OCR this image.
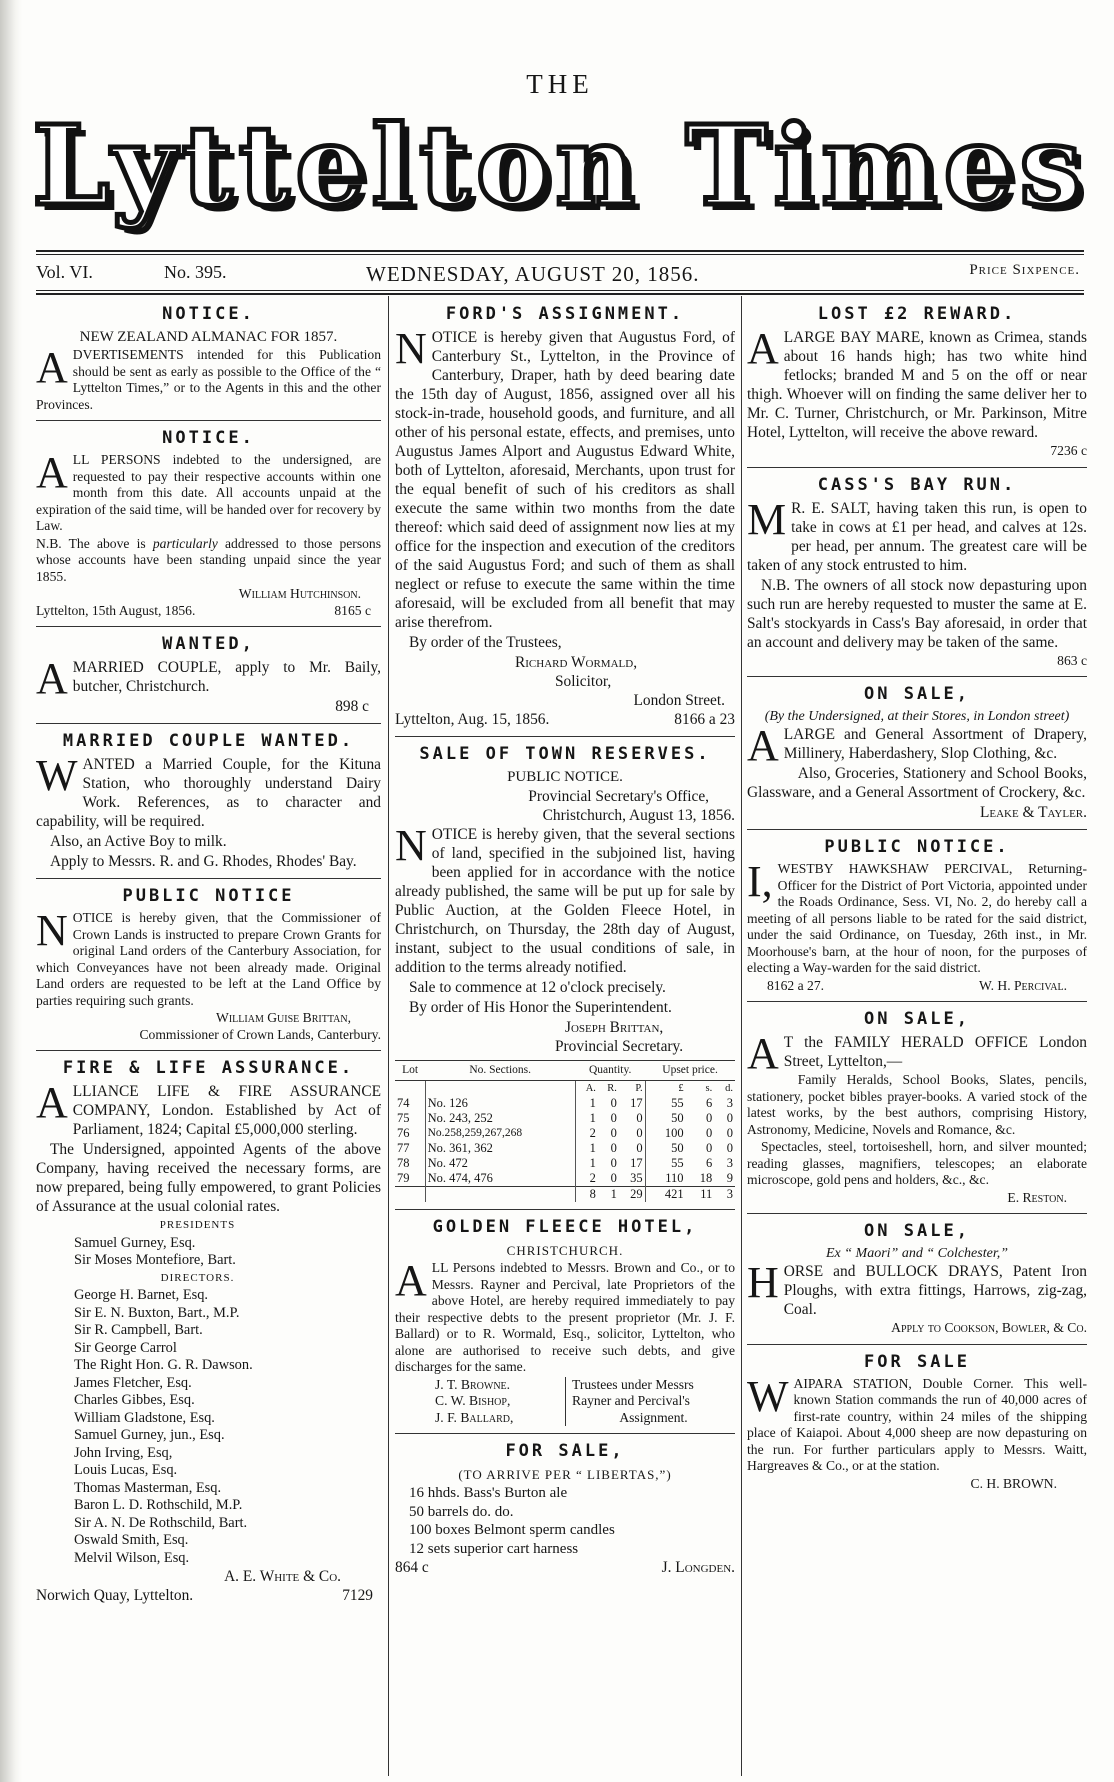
THE
Lyttelton Times
Vol. VI.	No. 395.	WEDNESDAY, AUGUST 20, 1856.	Price Sixpence.
NOTICE.
NEW ZEALAND ALMANAC FOR 1857.
ADVERTISEMENTS intended for this Publication should be sent as early as possible to the Office of the “ Lyttelton Times,” or to the Agents in this and the other Provinces.
NOTICE.
ALL PERSONS indebted to the undersigned, are requested to pay their respective accounts within one month from this date. All accounts unpaid at the expiration of the said time, will be handed over for recovery by Law.
N.B. The above is particularly addressed to those persons whose accounts have been standing unpaid since the year 1855.
William Hutchinson.
Lyttelton, 15th August, 1856.	8165 c
WANTED,
AMARRIED COUPLE, apply to Mr. Baily, butcher, Christchurch.
898 c
MARRIED COUPLE WANTED.
WANTED a Married Couple, for the Kituna Station, who thoroughly understand Dairy Work. References, as to character and capability, will be required.
Also, an Active Boy to milk.
Apply to Messrs. R. and G. Rhodes, Rhodes' Bay.
PUBLIC NOTICE
NOTICE is hereby given, that the Commissioner of Crown Lands is instructed to prepare Crown Grants for original Land orders of the Canterbury Association, for which Conveyances have not been already made. Original Land orders are requested to be left at the Land Office by parties requiring such grants.
William Guise Brittan,
Commissioner of Crown Lands, Canterbury.
FIRE & LIFE ASSURANCE.
ALLIANCE LIFE & FIRE ASSURANCE COMPANY, London. Established by Act of Parliament, 1824; Capital £5,000,000 sterling.
The Undersigned, appointed Agents of the above Company, having received the necessary forms, are now prepared, being fully empowered, to grant Policies of Assurance at the usual colonial rates.
PRESIDENTS
Samuel Gurney, Esq.
Sir Moses Montefiore, Bart.
DIRECTORS.
George H. Barnet, Esq.
Sir E. N. Buxton, Bart., M.P.
Sir R. Campbell, Bart.
Sir George Carrol
The Right Hon. G. R. Dawson.
James Fletcher, Esq.
Charles Gibbes, Esq.
William Gladstone, Esq.
Samuel Gurney, jun., Esq.
John Irving, Esq,
Louis Lucas, Esq.
Thomas Masterman, Esq.
Baron L. D. Rothschild, M.P.
Sir A. N. De Rothschild, Bart.
Oswald Smith, Esq.
Melvil Wilson, Esq.
A. E. White & Co.
Norwich Quay, Lyttelton.	7129
FORD'S ASSIGNMENT.
NOTICE is hereby given that Augustus Ford, of Canterbury St., Lyttelton, in the Province of Canterbury, Draper, hath by deed bearing date the 15th day of August, 1856, assigned over all his stock-in-trade, household goods, and furniture, and all other of his personal estate, effects, and premises, unto Augustus James Alport and Augustus Edward White, both of Lyttelton, aforesaid, Merchants, upon trust for the equal benefit of such of his creditors as shall execute the same within two months from the date thereof: which said deed of assignment now lies at my office for the inspection and execution of the creditors of the said Augustus Ford; and such of them as shall neglect or refuse to execute the same within the time aforesaid, will be excluded from all benefit that may arise therefrom.
By order of the Trustees,
Richard Wormald,
Solicitor,
London Street.
Lyttelton, Aug. 15, 1856.	8166 a 23
SALE OF TOWN RESERVES.
PUBLIC NOTICE.
Provincial Secretary's Office,
Christchurch, August 13, 1856.
NOTICE is hereby given, that the several sections of land, specified in the subjoined list, having been applied for in accordance with the notice already published, the same will be put up for sale by Public Auction, at the Golden Fleece Hotel, in Christchurch, on Thursday, the 28th day of August, instant, subject to the usual conditions of sale, in addition to the terms already notified.
Sale to commence at 12 o'clock precisely.
By order of His Honor the Superintendent.
Joseph Brittan,
Provincial Secretary.
Lot	No. Sections.	Quantity.			Upset price.		
		A.	R.	P.	£	s.	d.
74	No. 126	1	0	17	55	6	3
75	No. 243, 252	1	0	0	50	0	0
76	No.258,259,267,268	2	0	0	100	0	0
77	No. 361, 362	1	0	0	50	0	0
78	No. 472	1	0	17	55	6	3
79	No. 474, 476	2	0	35	110	18	9
		8	1	29	421	11	3
GOLDEN FLEECE HOTEL,
CHRISTCHURCH.
ALL Persons indebted to Messrs. Brown and Co., or to Messrs. Rayner and Percival, late Proprietors of the above Hotel, are hereby required immediately to pay their respective debts to the present proprietor (Mr. J. F. Ballard) or to R. Wormald, Esq., solicitor, Lyttelton, who alone are authorised to receive such debts, and give discharges for the same.
J. T. Browne.
C. W. Bishop,
J. F. Ballard,
Trustees under Messrs
Rayner and Percival's
Assignment.
FOR SALE,
(TO ARRIVE PER “ LIBERTAS,”)
16 hhds. Bass's Burton ale
50 barrels do. do.
100 boxes Belmont sperm candles
12 sets superior cart harness
864 c	J. Longden.
LOST £2 REWARD.
ALARGE BAY MARE, known as Crimea, stands about 16 hands high; has two white hind fetlocks; branded M and 5 on the off or near thigh. Whoever will on finding the same deliver her to Mr. C. Turner, Christchurch, or Mr. Parkinson, Mitre Hotel, Lyttelton, will receive the above reward.
7236 c
CASS'S BAY RUN.
M R. E. SALT, having taken this run, is open to take in cows at £1 per head, and calves at 12s. per head, per annum. The greatest care will be taken of any stock entrusted to him.
N.B. The owners of all stock now depasturing upon such run are hereby requested to muster the same at E. Salt's stockyards in Cass's Bay aforesaid, in order that an account and delivery may be taken of the same.
863 c
ON SALE,
(By the Undersigned, at their Stores, in London street)
ALARGE and General Assortment of Drapery, Millinery, Haberdashery, Slop Clothing, &c.
Also, Groceries, Stationery and School Books, Glassware, and a General Assortment of Crockery, &c.
Leake & Tayler.
PUBLIC NOTICE.
I, WESTBY HAWKSHAW PERCIVAL, Returning-Officer for the District of Port Victoria, appointed under the Roads Ordinance, Sess. VI, No. 2, do hereby call a meeting of all persons liable to be rated for the said district, under the said Ordinance, on Tuesday, 26th inst., in Mr. Moorhouse's barn, at the hour of noon, for the purposes of electing a Way-warden for the said district.
8162 a 27.	W. H. Percival.
ON SALE,
A T the FAMILY HERALD OFFICE London Street, Lyttelton,—
Family Heralds, School Books, Slates, pencils, stationery, pocket bibles prayer-books. A varied stock of the latest works, by the best authors, comprising History, Astronomy, Medicine, Novels and Romance, &c.
Spectacles, steel, tortoiseshell, horn, and silver mounted; reading glasses, magnifiers, telescopes; an elaborate microscope, gold pens and holders, &c., &c.
E. Reston.
ON SALE,
Ex “ Maori” and “ Colchester,”
HORSE and BULLOCK DRAYS, Patent Iron Ploughs, with extra fittings, Harrows, zig-zag, Coal.
Apply to Cookson, Bowler, & Co.
FOR SALE
WAIPARA STATION, Double Corner. This well-known Station commands the run of 40,000 acres of first-rate country, within 24 miles of the shipping place of Kaiapoi. About 4,000 sheep are now depasturing on the run. For further particulars apply to Messrs. Waitt, Hargreaves & Co., or at the station.
C. H. BROWN.
